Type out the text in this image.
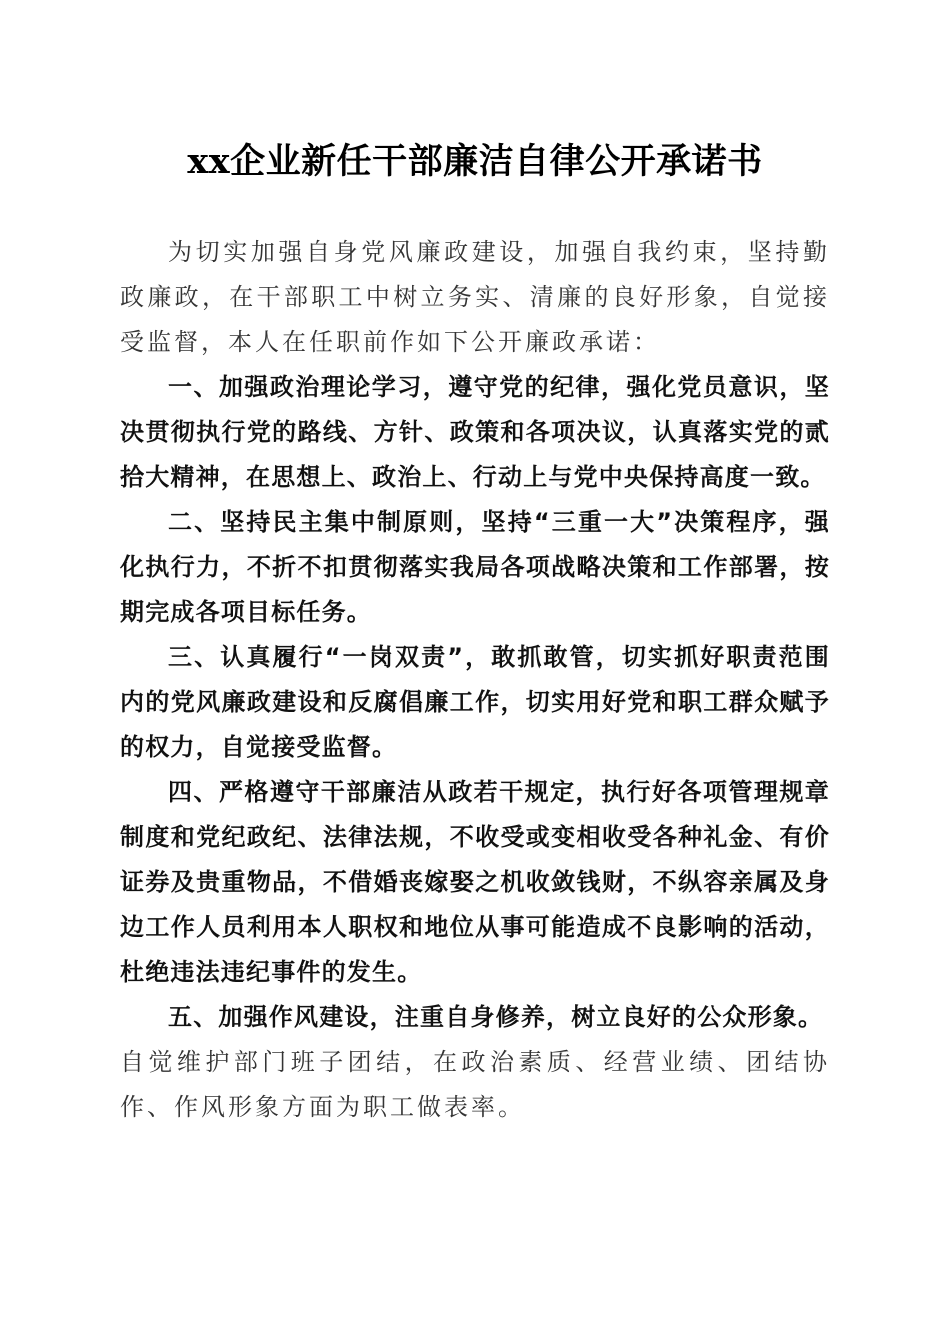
xx企业新任干部廉洁自律公开承诺书

为切实加强自身党风廉政建设，加强自我约束，坚持勤政廉政，在干部职工中树立务实、清廉的良好形象，自觉接受监督，本人在任职前作如下公开廉政承诺：

一、加强政治理论学习，遵守党的纪律，强化党员意识，坚决贯彻执行党的路线、方针、政策和各项决议，认真落实党的贰拾大精神，在思想上、政治上、行动上与党中央保持高度一致。

二、坚持民主集中制原则，坚持“三重一大”决策程序，强化执行力，不折不扣贯彻落实我局各项战略决策和工作部署，按期完成各项目标任务。

三、认真履行“一岗双责”，敢抓敢管，切实抓好职责范围内的党风廉政建设和反腐倡廉工作，切实用好党和职工群众赋予的权力，自觉接受监督。

四、严格遵守干部廉洁从政若干规定，执行好各项管理规章制度和党纪政纪、法律法规，不收受或变相收受各种礼金、有价证券及贵重物品，不借婚丧嫁娶之机收敛钱财，不纵容亲属及身边工作人员利用本人职权和地位从事可能造成不良影响的活动，杜绝违法违纪事件的发生。

五、加强作风建设，注重自身修养，树立良好的公众形象。

自觉维护部门班子团结，在政治素质、经营业绩、团结协作、作风形象方面为职工做表率。
